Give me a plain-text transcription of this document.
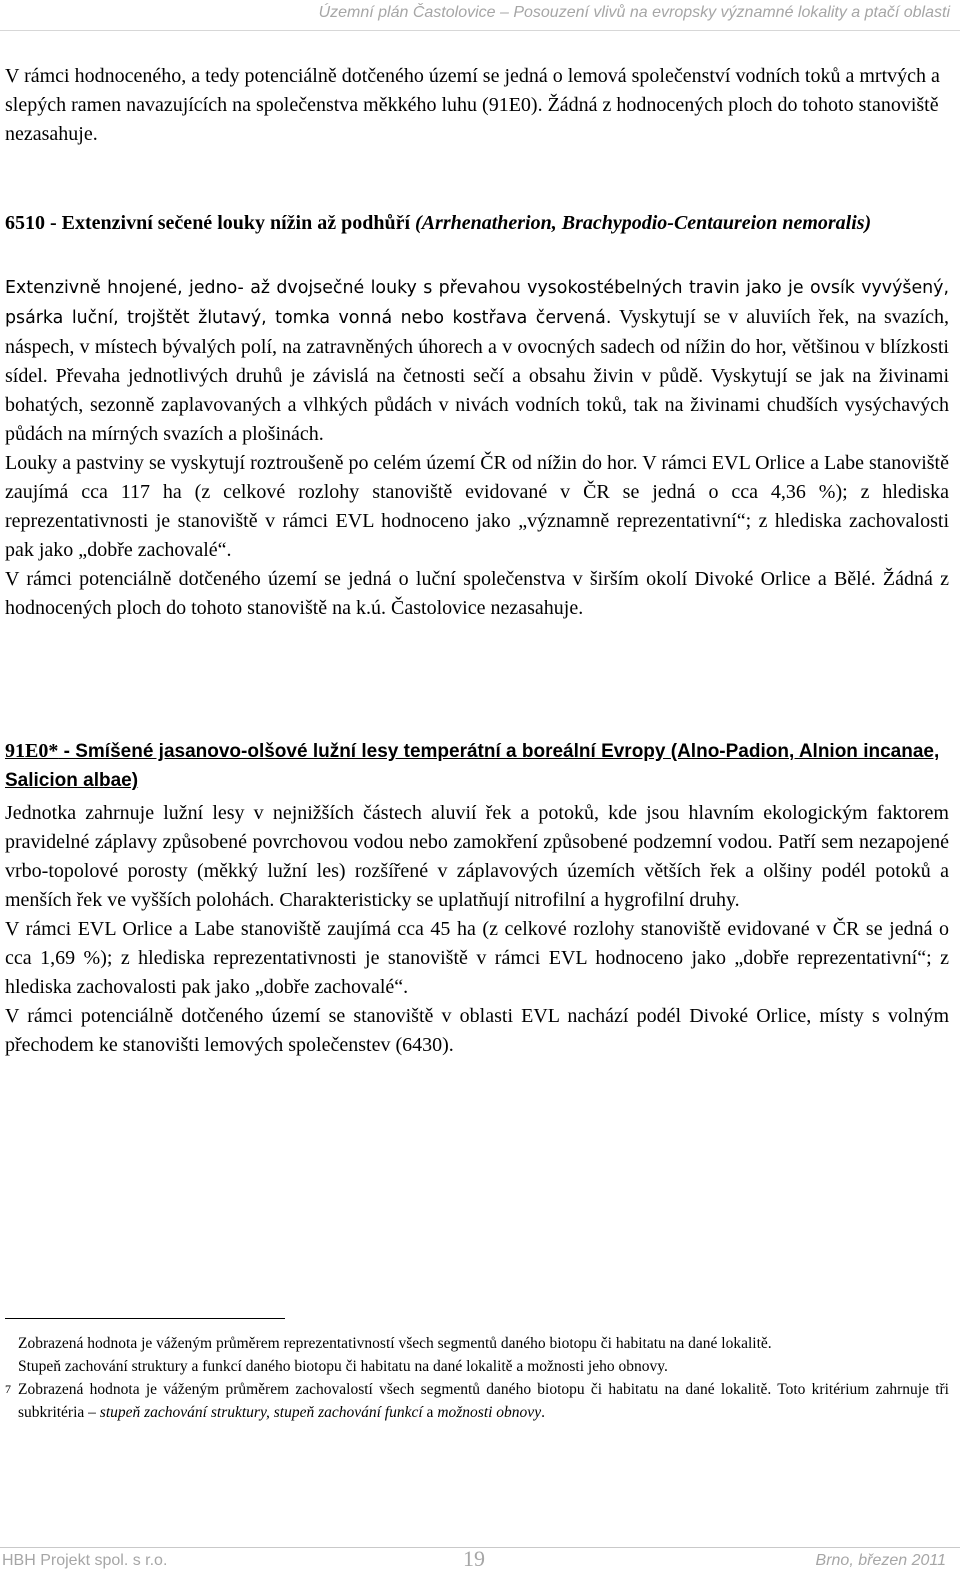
Územní plán Častolovice – Posouzení vlivů na evropsky významné lokality a ptačí oblasti

V rámci hodnoceného, a tedy potenciálně dotčeného území se jedná o lemová společenství vodních toků a mrtvých a slepých ramen navazujících na společenstva měkkého luhu (91E0). Žádná z hodnocených ploch do tohoto stanoviště nezasahuje.

6510 - Extenzivní sečené louky nížin až podhůří (Arrhenatherion, Brachypodio-Centaureion nemoralis)

Extenzivně hnojené, jedno- až dvojsečné louky s převahou vysokostébelných travin jako je ovsík vyvýšený, psárka luční, trojštět žlutavý, tomka vonná nebo kostřava červená. Vyskytují se v aluviích řek, na svazích, náspech, v místech bývalých polí, na zatravněných úhorech a v ovocných sadech od nížin do hor, většinou v blízkosti sídel. Převaha jednotlivých druhů je závislá na četnosti sečí a obsahu živin v půdě. Vyskytují se jak na živinami bohatých, sezonně zaplavovaných a vlhkých půdách v nivách vodních toků, tak na živinami chudších vysýchavých půdách na mírných svazích a plošinách.

Louky a pastviny se vyskytují roztroušeně po celém území ČR od nížin do hor. V rámci EVL Orlice a Labe stanoviště zaujímá cca 117 ha (z celkové rozlohy stanoviště evidované v ČR se jedná o cca 4,36 %); z hlediska reprezentativnosti je stanoviště v rámci EVL hodnoceno jako „významně reprezentativní“; z hlediska zachovalosti pak jako „dobře zachovalé“.

V rámci potenciálně dotčeného území se jedná o luční společenstva v širším okolí Divoké Orlice a Bělé. Žádná z hodnocených ploch do tohoto stanoviště na k.ú. Častolovice nezasahuje.

91E0* - Smíšené jasanovo-olšové lužní lesy temperátní a boreální Evropy (Alno-Padion, Alnion incanae, Salicion albae)

Jednotka zahrnuje lužní lesy v nejnižších částech aluvií řek a potoků, kde jsou hlavním ekologickým faktorem pravidelné záplavy způsobené povrchovou vodou nebo zamokření způsobené podzemní vodou. Patří sem nezapojené vrbo-topolové porosty (měkký lužní les) rozšířené v záplavových územích větších řek a olšiny podél potoků a menších řek ve vyšších polohách. Charakteristicky se uplatňují nitrofilní a hygrofilní druhy.

V rámci EVL Orlice a Labe stanoviště zaujímá cca 45 ha (z celkové rozlohy stanoviště evidované v ČR se jedná o cca 1,69 %); z hlediska reprezentativnosti je stanoviště v rámci EVL hodnoceno jako „dobře reprezentativní“; z hlediska zachovalosti pak jako „dobře zachovalé“.

V rámci potenciálně dotčeného území se stanoviště v oblasti EVL nachází podél Divoké Orlice, místy s volným přechodem ke stanovišti lemových společenstev (6430).

7

Zobrazená hodnota je váženým průměrem reprezentativností všech segmentů daného biotopu či habitatu na dané lokalitě.

Stupeň zachování struktury a funkcí daného biotopu či habitatu na dané lokalitě a možnosti jeho obnovy.

Zobrazená hodnota je váženým průměrem zachovalostí všech segmentů daného biotopu či habitatu na dané lokalitě. Toto kritérium zahrnuje tři subkritéria – stupeň zachování struktury, stupeň zachování funkcí a možnosti obnovy.

HBH Projekt spol. s r.o.	19	Brno, březen 2011
